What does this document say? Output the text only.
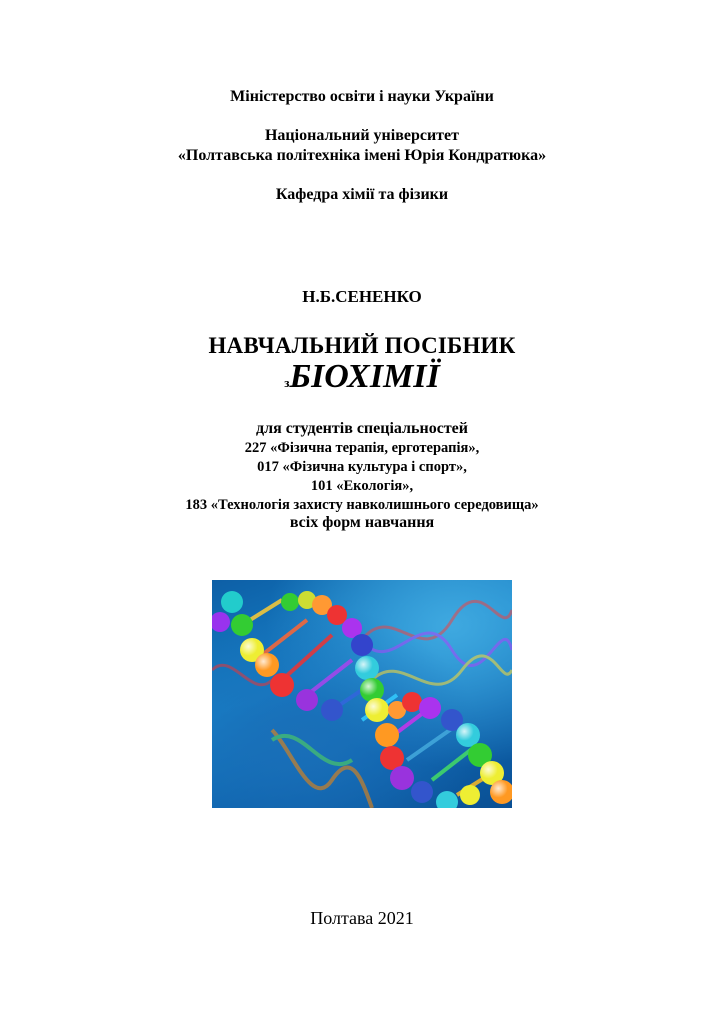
Міністерство освіти і науки України
Національний університет
«Полтавська політехніка імені Юрія Кондратюка»
Кафедра хімії та фізики
Н.Б.СЕНЕНКО
НАВЧАЛЬНИЙ ПОСІБНИК
зБІОХІМІЇ
для студентів спеціальностей
227 «Фізична терапія, ерготерапія»,
017 «Фізична культура і спорт»,
101 «Екологія»,
183 «Технологія захисту навколишнього середовища»
всіх форм навчання
Полтава 2021
